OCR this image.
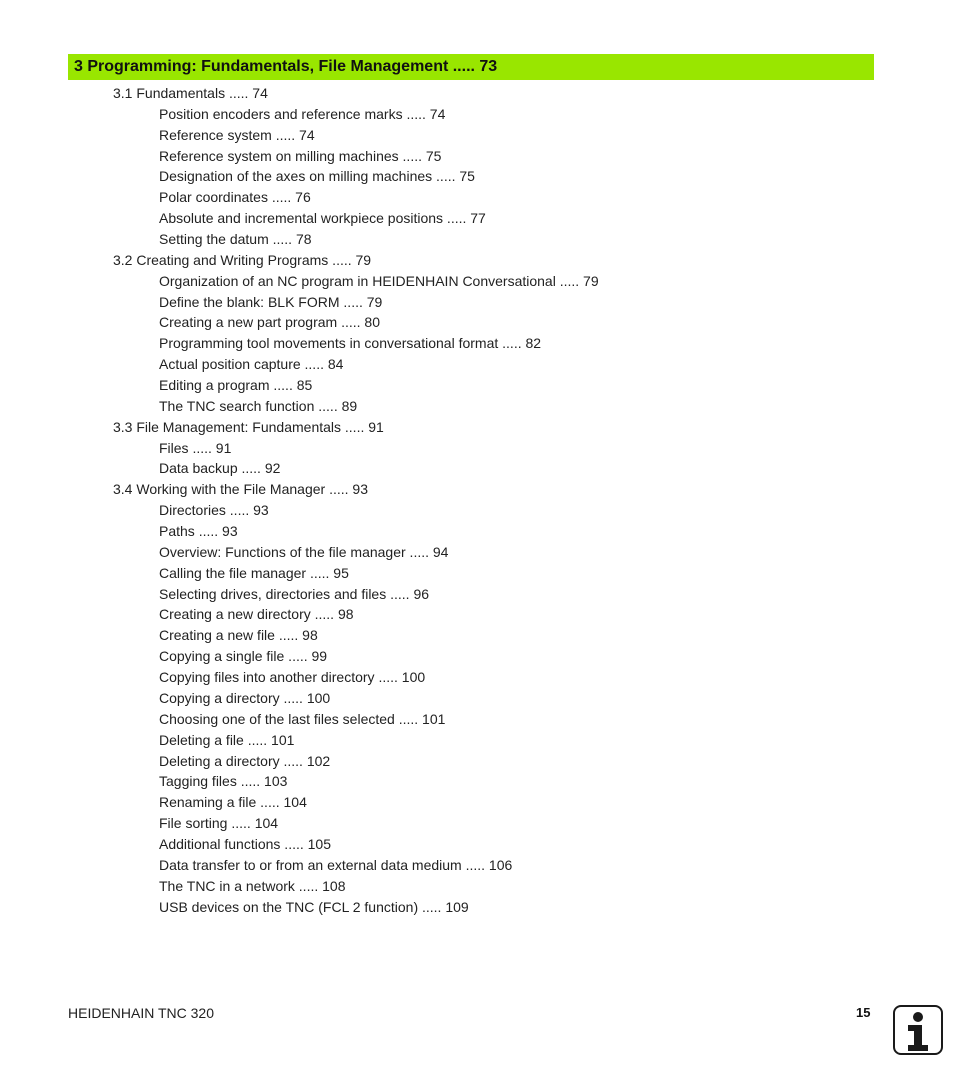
3 Programming: Fundamentals, File Management ..... 73
3.1 Fundamentals ..... 74
Position encoders and reference marks ..... 74
Reference system ..... 74
Reference system on milling machines ..... 75
Designation of the axes on milling machines ..... 75
Polar coordinates ..... 76
Absolute and incremental workpiece positions ..... 77
Setting the datum ..... 78
3.2 Creating and Writing Programs ..... 79
Organization of an NC program in HEIDENHAIN Conversational ..... 79
Define the blank: BLK FORM ..... 79
Creating a new part program ..... 80
Programming tool movements in conversational format ..... 82
Actual position capture ..... 84
Editing a program ..... 85
The TNC search function ..... 89
3.3 File Management: Fundamentals ..... 91
Files ..... 91
Data backup ..... 92
3.4 Working with the File Manager ..... 93
Directories ..... 93
Paths ..... 93
Overview: Functions of the file manager ..... 94
Calling the file manager ..... 95
Selecting drives, directories and files ..... 96
Creating a new directory ..... 98
Creating a new file ..... 98
Copying a single file ..... 99
Copying files into another directory ..... 100
Copying a directory ..... 100
Choosing one of the last files selected ..... 101
Deleting a file ..... 101
Deleting a directory ..... 102
Tagging files ..... 103
Renaming a file ..... 104
File sorting ..... 104
Additional functions ..... 105
Data transfer to or from an external data medium ..... 106
The TNC in a network ..... 108
USB devices on the TNC (FCL 2 function) ..... 109
HEIDENHAIN TNC 320	15
